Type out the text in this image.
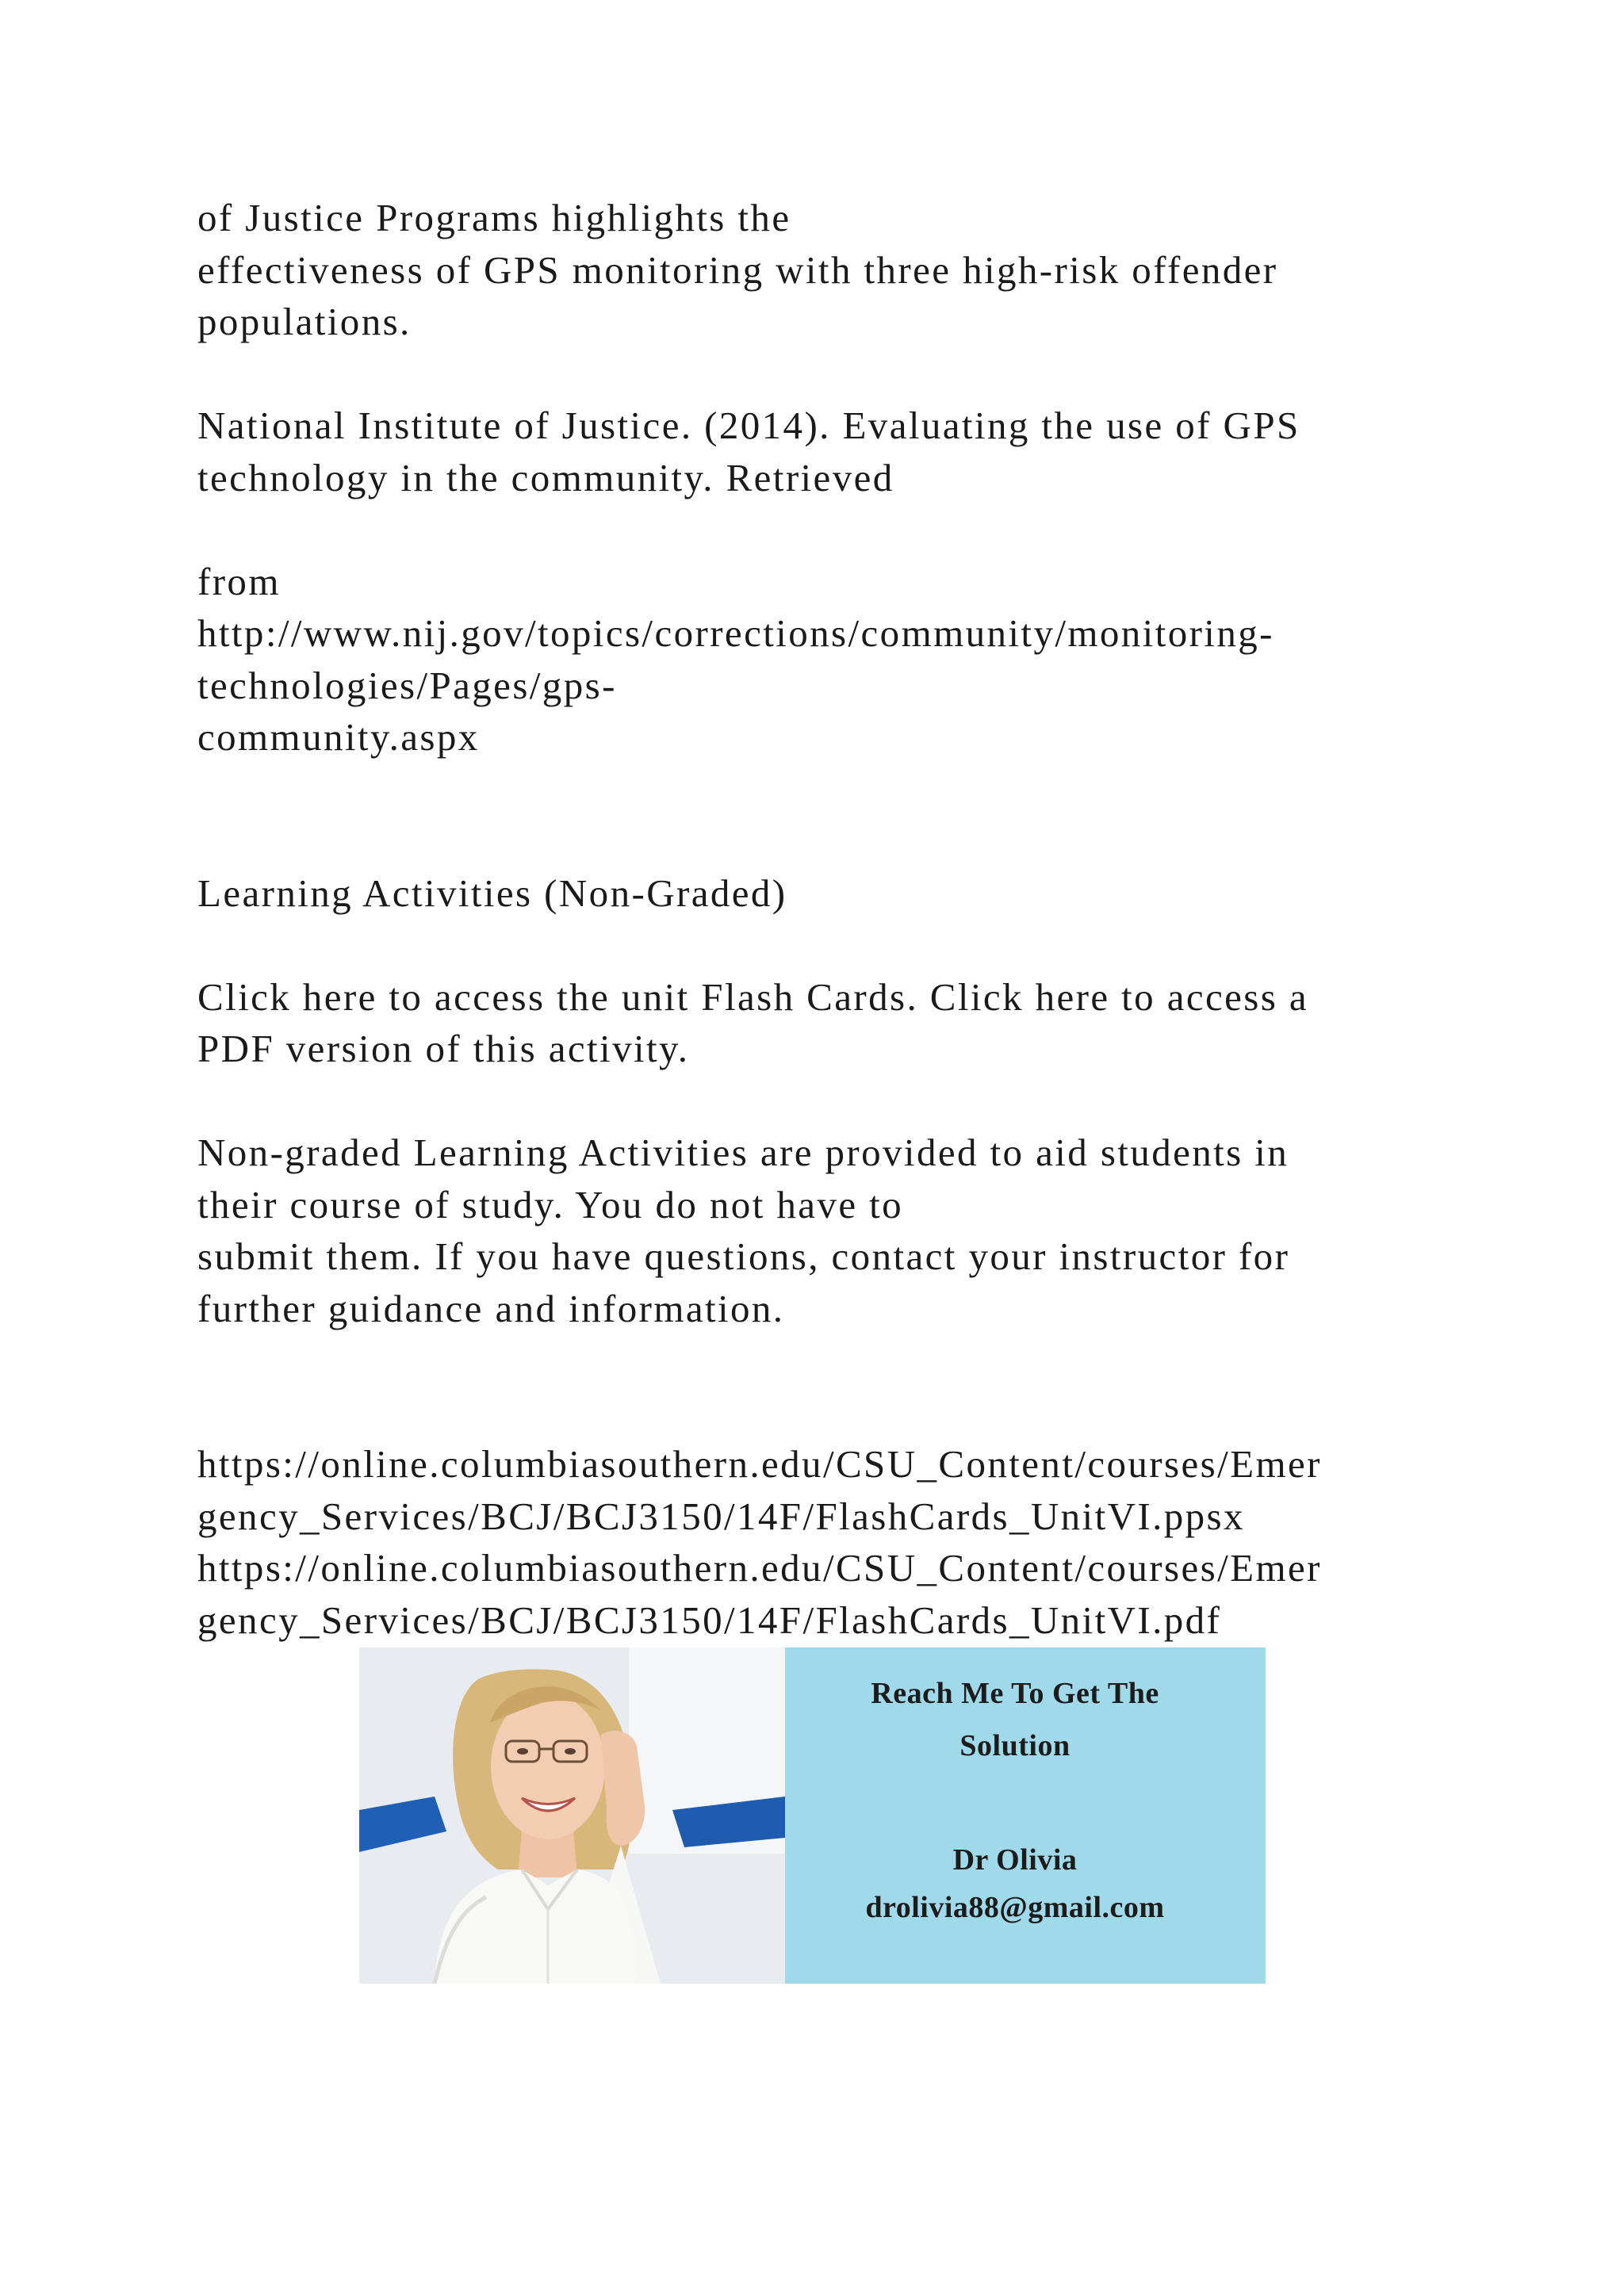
of Justice Programs highlights the
effectiveness of GPS monitoring with three high-risk offender
populations.
National Institute of Justice. (2014). Evaluating the use of GPS
technology in the community. Retrieved
from
http://www.nij.gov/topics/corrections/community/monitoring-
technologies/Pages/gps-
community.aspx
Learning Activities (Non-Graded)
Click here to access the unit Flash Cards. Click here to access a
PDF version of this activity.
Non-graded Learning Activities are provided to aid students in
their course of study. You do not have to
submit them. If you have questions, contact your instructor for
further guidance and information.
https://online.columbiasouthern.edu/CSU_Content/courses/Emer
gency_Services/BCJ/BCJ3150/14F/FlashCards_UnitVI.ppsx
https://online.columbiasouthern.edu/CSU_Content/courses/Emer
gency_Services/BCJ/BCJ3150/14F/FlashCards_UnitVI.pdf
Reach Me To Get The
Solution
Dr Olivia
drolivia88@gmail.com
